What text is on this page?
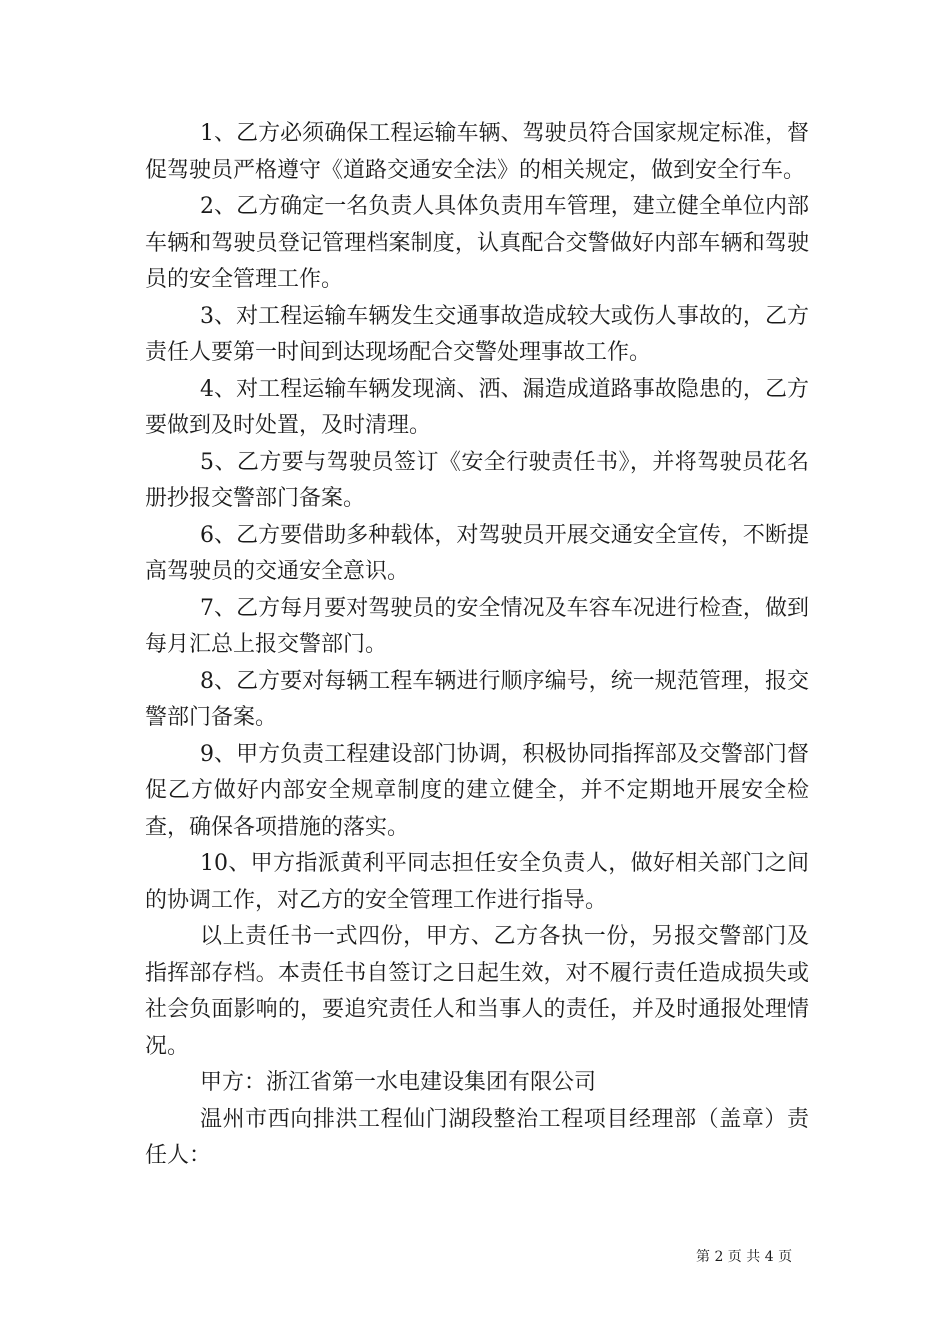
1、乙方必须确保工程运输车辆、驾驶员符合国家规定标准，督促驾驶员严格遵守《道路交通安全法》的相关规定，做到安全行车。

2、乙方确定一名负责人具体负责用车管理，建立健全单位内部车辆和驾驶员登记管理档案制度，认真配合交警做好内部车辆和驾驶员的安全管理工作。

3、对工程运输车辆发生交通事故造成较大或伤人事故的，乙方责任人要第一时间到达现场配合交警处理事故工作。

4、对工程运输车辆发现滴、洒、漏造成道路事故隐患的，乙方要做到及时处置，及时清理。

5、乙方要与驾驶员签订《安全行驶责任书》，并将驾驶员花名册抄报交警部门备案。

6、乙方要借助多种载体，对驾驶员开展交通安全宣传，不断提高驾驶员的交通安全意识。

7、乙方每月要对驾驶员的安全情况及车容车况进行检查，做到每月汇总上报交警部门。

8、乙方要对每辆工程车辆进行顺序编号，统一规范管理，报交警部门备案。

9、甲方负责工程建设部门协调，积极协同指挥部及交警部门督促乙方做好内部安全规章制度的建立健全，并不定期地开展安全检查，确保各项措施的落实。

10、甲方指派黄利平同志担任安全负责人，做好相关部门之间的协调工作，对乙方的安全管理工作进行指导。

以上责任书一式四份，甲方、乙方各执一份，另报交警部门及指挥部存档。本责任书自签订之日起生效，对不履行责任造成损失或社会负面影响的，要追究责任人和当事人的责任，并及时通报处理情况。

甲方：浙江省第一水电建设集团有限公司

温州市西向排洪工程仙门湖段整治工程项目经理部（盖章）责任人：

第 2 页 共 4 页
